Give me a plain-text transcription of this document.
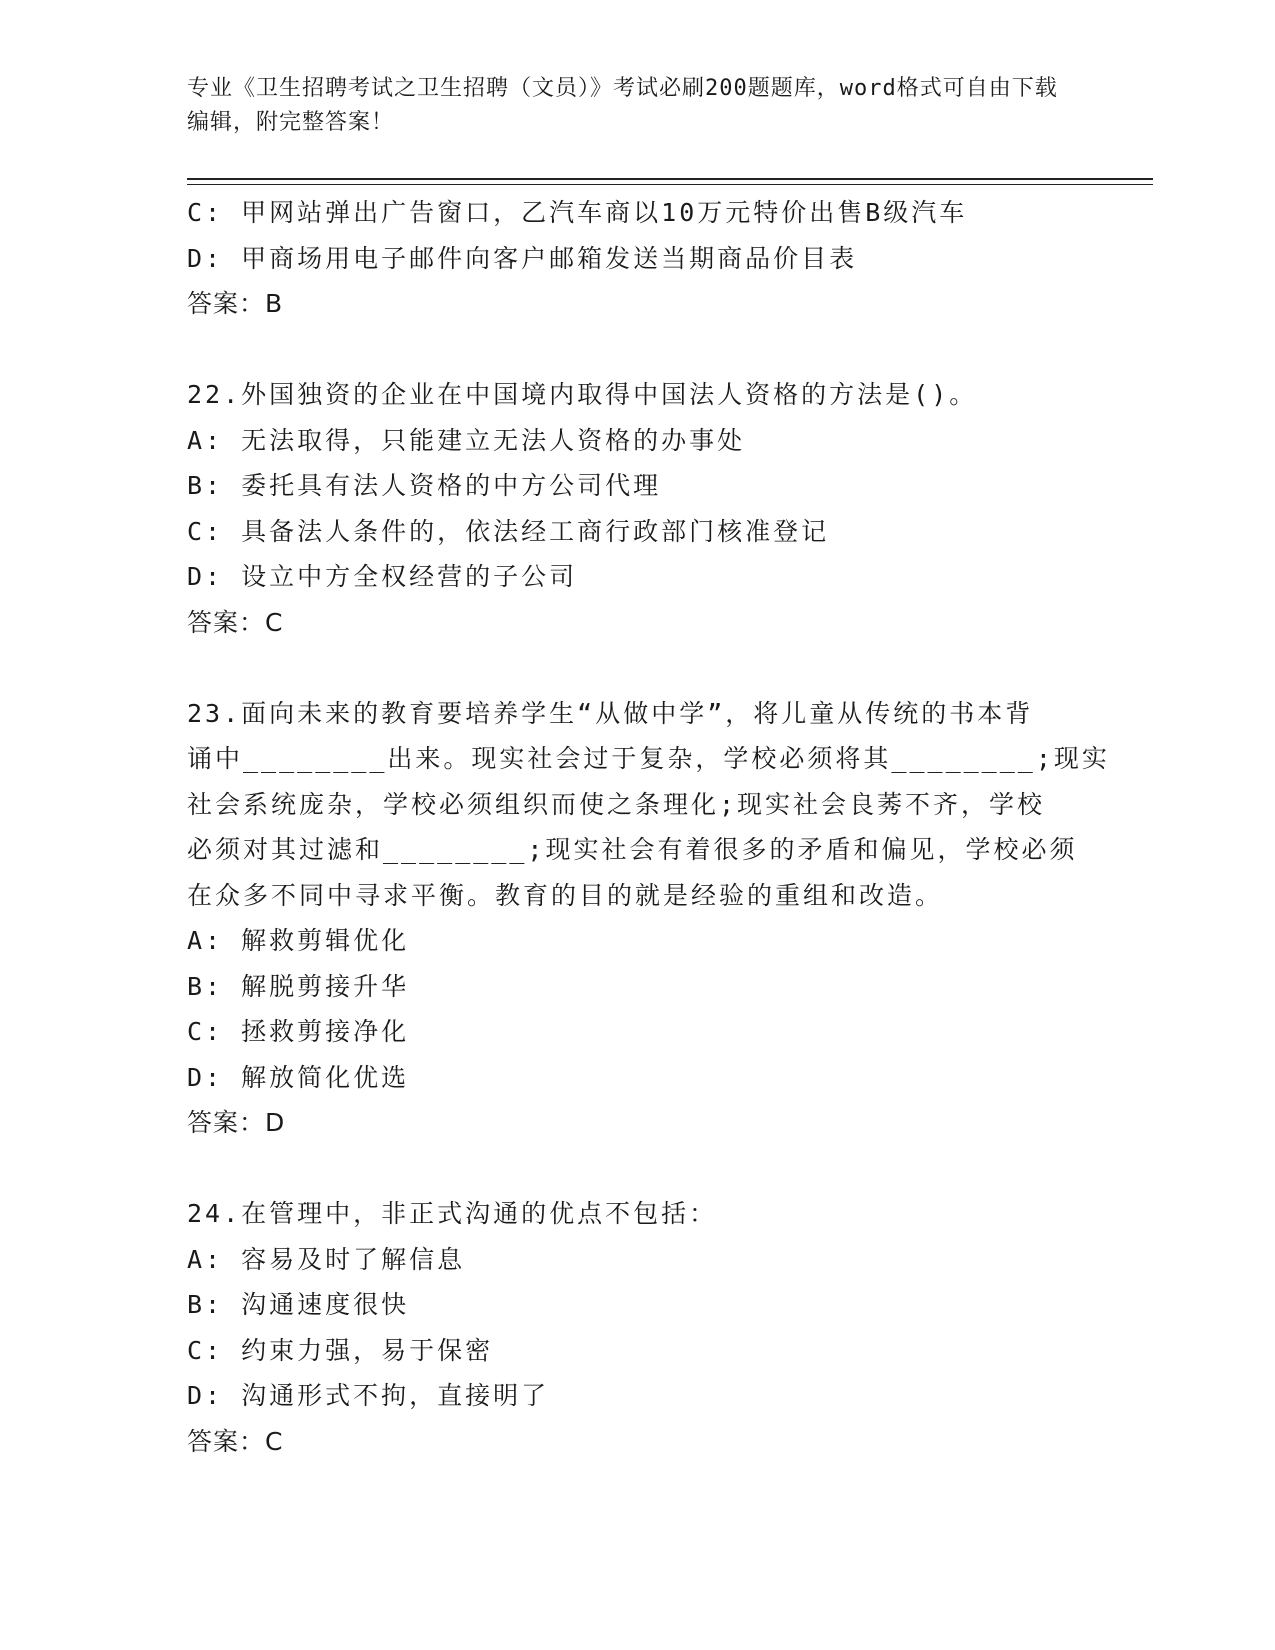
专业《卫生招聘考试之卫生招聘（文员）》考试必刷200题题库，word格式可自由下载编辑，附完整答案！
C: 甲网站弹出广告窗口，乙汽车商以10万元特价出售B级汽车
D: 甲商场用电子邮件向客户邮箱发送当期商品价目表
答案：B
22.外国独资的企业在中国境内取得中国法人资格的方法是()。
A: 无法取得，只能建立无法人资格的办事处
B: 委托具有法人资格的中方公司代理
C: 具备法人条件的，依法经工商行政部门核准登记
D: 设立中方全权经营的子公司
答案：C
23.面向未来的教育要培养学生“从做中学”，将儿童从传统的书本背
诵中________出来。现实社会过于复杂，学校必须将其________;现实
社会系统庞杂，学校必须组织而使之条理化;现实社会良莠不齐，学校
必须对其过滤和________;现实社会有着很多的矛盾和偏见，学校必须
在众多不同中寻求平衡。教育的目的就是经验的重组和改造。
A: 解救剪辑优化
B: 解脱剪接升华
C: 拯救剪接净化
D: 解放简化优选
答案：D
24.在管理中，非正式沟通的优点不包括：
A: 容易及时了解信息
B: 沟通速度很快
C: 约束力强，易于保密
D: 沟通形式不拘，直接明了
答案：C
